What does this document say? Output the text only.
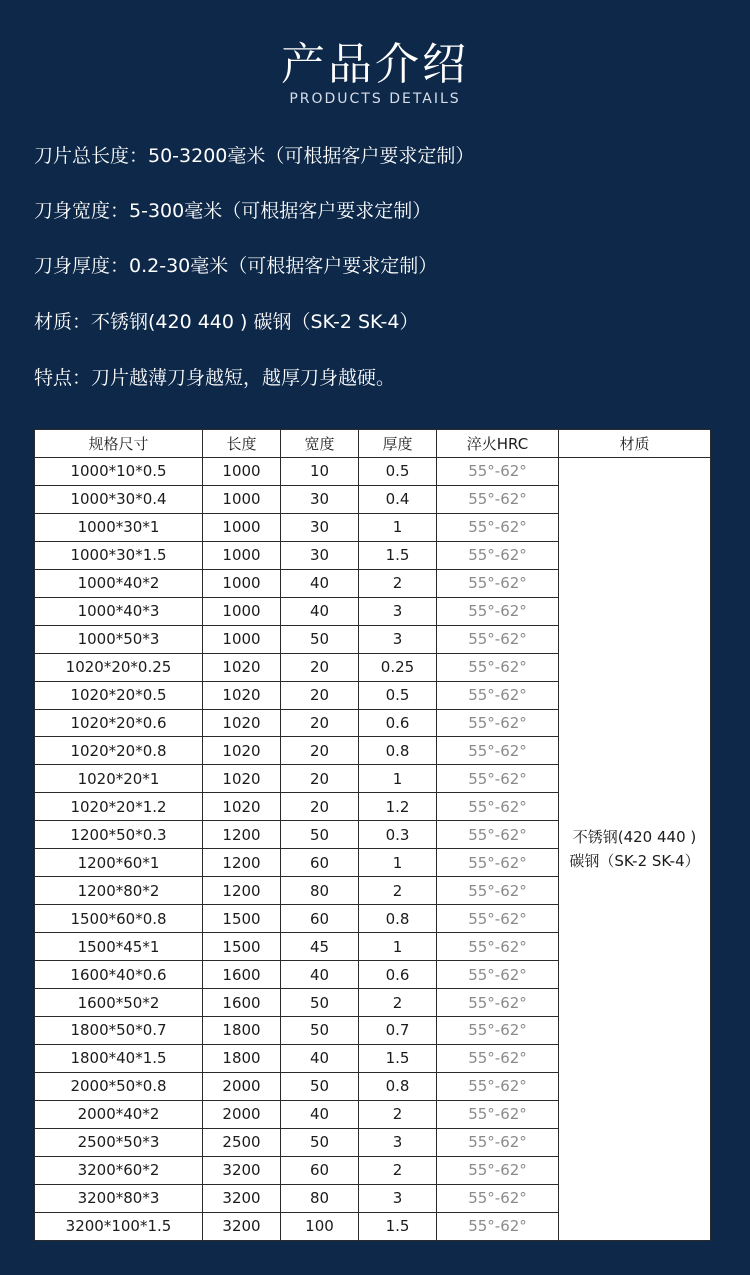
产品介绍
PRODUCTS DETAILS
刀片总长度：50-3200毫米（可根据客户要求定制）
刀身宽度：5-300毫米（可根据客户要求定制）
刀身厚度：0.2-30毫米（可根据客户要求定制）
材质：不锈钢(420 440 ) 碳钢（SK-2 SK-4）
特点：刀片越薄刀身越短，越厚刀身越硬。
规格尺寸	长度	宽度	厚度	淬火HRC	材质
1000*10*0.5	1000	10	0.5	55°-62°	不锈钢(420 440 )
碳钢（SK-2 SK-4）

1000*30*0.4	1000	30	0.4	55°-62°	
1000*30*1	1000	30	1	55°-62°	
1000*30*1.5	1000	30	1.5	55°-62°	
1000*40*2	1000	40	2	55°-62°	
1000*40*3	1000	40	3	55°-62°	
1000*50*3	1000	50	3	55°-62°	
1020*20*0.25	1020	20	0.25	55°-62°	
1020*20*0.5	1020	20	0.5	55°-62°	
1020*20*0.6	1020	20	0.6	55°-62°	
1020*20*0.8	1020	20	0.8	55°-62°	
1020*20*1	1020	20	1	55°-62°	
1020*20*1.2	1020	20	1.2	55°-62°	
1200*50*0.3	1200	50	0.3	55°-62°	
1200*60*1	1200	60	1	55°-62°	
1200*80*2	1200	80	2	55°-62°	
1500*60*0.8	1500	60	0.8	55°-62°	
1500*45*1	1500	45	1	55°-62°	
1600*40*0.6	1600	40	0.6	55°-62°	
1600*50*2	1600	50	2	55°-62°	
1800*50*0.7	1800	50	0.7	55°-62°	
1800*40*1.5	1800	40	1.5	55°-62°	
2000*50*0.8	2000	50	0.8	55°-62°	
2000*40*2	2000	40	2	55°-62°	
2500*50*3	2500	50	3	55°-62°	
3200*60*2	3200	60	2	55°-62°	
3200*80*3	3200	80	3	55°-62°	
3200*100*1.5	3200	100	1.5	55°-62°	
